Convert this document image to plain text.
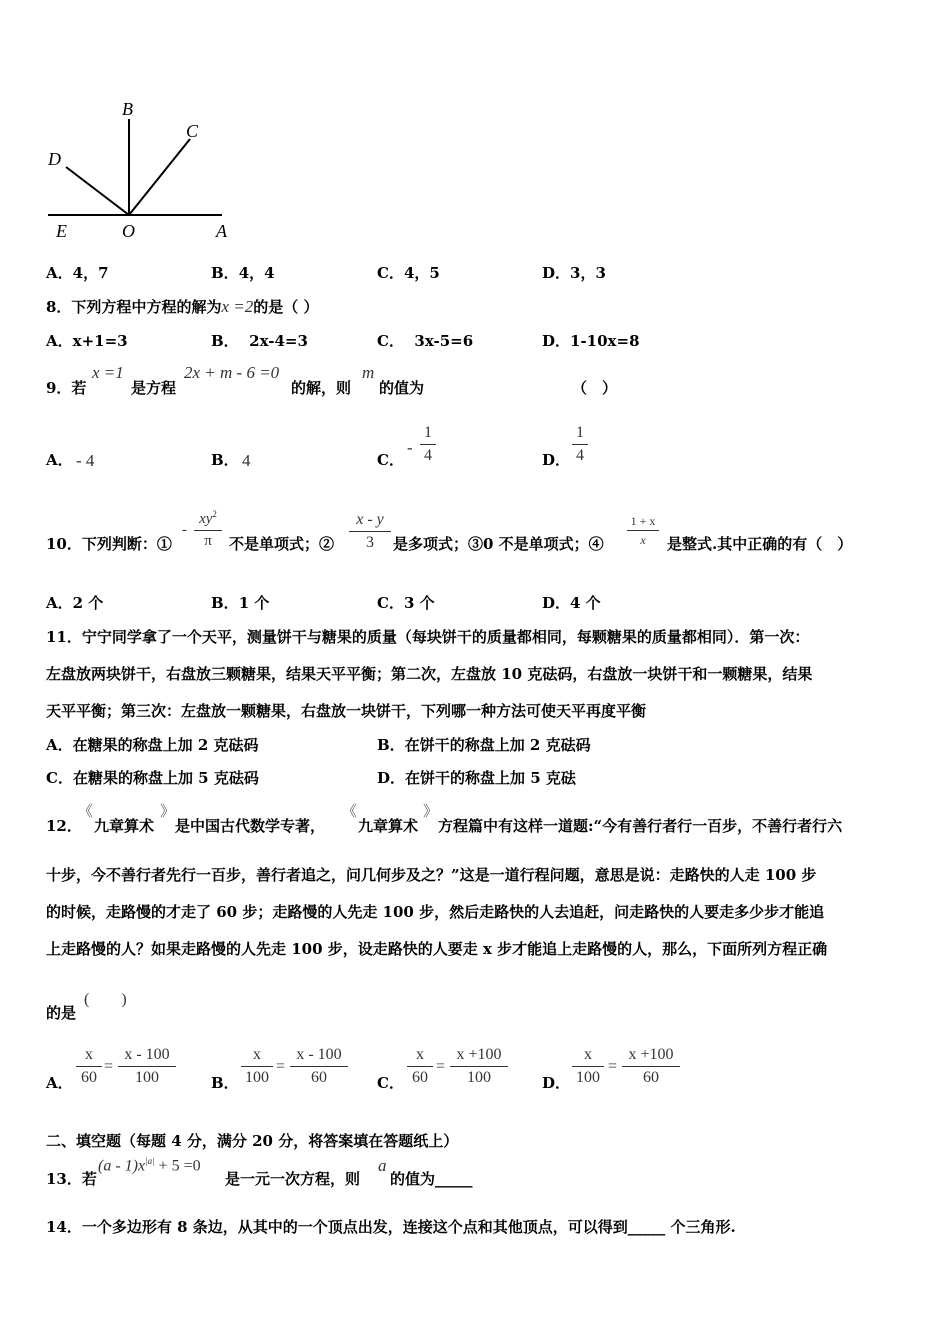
B
C
D
E	O	A
A．4，7	B．4，4	C．4，5	D．3，3
8．下列方程中方程的解为x =2的是（ ）
A．x+1=3	B． 2x-4=3	C． 3x-5=6	D．1-10x=8
9．若
x =1
是方程
2x + m - 6 =0
的解，则
m
的值为	（　）
A． - 4	B． 4	C．
-
1
4	D．
1
4
10．下列判断：①
-
$xy^2$
π	不是单项式；②
x - y
3	是多项式；③0 不是单项式；④
1 + x
x	是整式.其中正确的有（　）
A．2 个	B．1 个	C．3 个	D．4 个
11．宁宁同学拿了一个天平，测量饼干与糖果的质量（每块饼干的质量都相同，每颗糖果的质量都相同）．第一次：
左盘放两块饼干，右盘放三颗糖果，结果天平平衡；第二次，左盘放 10 克砝码，右盘放一块饼干和一颗糖果，结果
天平平衡；第三次：左盘放一颗糖果，右盘放一块饼干，下列哪一种方法可使天平再度平衡
A．在糖果的称盘上加 2 克砝码	B．在饼干的称盘上加 2 克砝码
C．在糖果的称盘上加 5 克砝码	D．在饼干的称盘上加 5 克砝
12．
《
九章算术
》
是中国古代数学专著，
《
九章算术
》
方程篇中有这样一道题:“今有善行者行一百步，不善行者行六
十步，今不善行者先行一百步，善行者追之，问几何步及之？”这是一道行程问题，意思是说：走路快的人走 100 步
的时候，走路慢的才走了 60 步；走路慢的人先走 100 步，然后走路快的人去追赶，问走路快的人要走多少步才能追
上走路慢的人？如果走路慢的人先走 100 步，设走路快的人要走 x 步才能追上走路慢的人，那么，下面所列方程正确
的是
(　　)
A．
x
60
=
x - 100
100	B．
x
100
=
x - 100
60	C．
x
60
=
x +100
100	D．
x
100
=
x +100
60
二、填空题（每题 4 分，满分 20 分，将答案填在答题纸上）
13．若
$(a - 1)x^{|a|} + 5 =0$
是一元一次方程，则
a
的值为_____
14．一个多边形有 8 条边，从其中的一个顶点出发，连接这个点和其他顶点，可以得到_____ 个三角形.
